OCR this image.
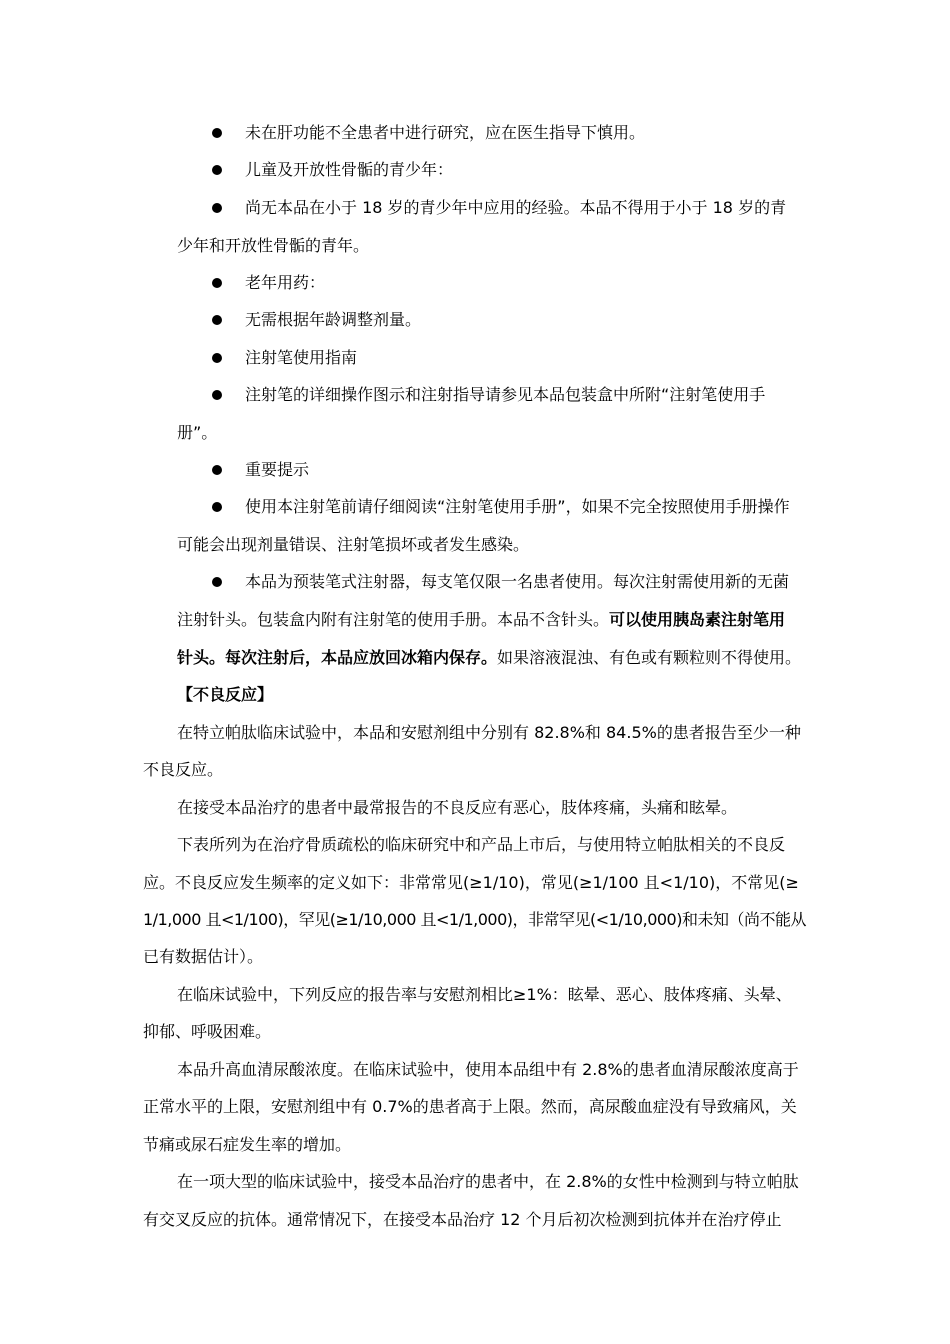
未在肝功能不全患者中进行研究，应在医生指导下慎用。
儿童及开放性骨骺的青少年：
尚无本品在小于 18 岁的青少年中应用的经验。本品不得用于小于 18 岁的青
少年和开放性骨骺的青年。
老年用药：
无需根据年龄调整剂量。
注射笔使用指南
注射笔的详细操作图示和注射指导请参见本品包装盒中所附“注射笔使用手
册”。
重要提示
使用本注射笔前请仔细阅读“注射笔使用手册”，如果不完全按照使用手册操作
可能会出现剂量错误、注射笔损坏或者发生感染。
本品为预装笔式注射器，每支笔仅限一名患者使用。每次注射需使用新的无菌
注射针头。包装盒内附有注射笔的使用手册。本品不含针头。可以使用胰岛素注射笔用
针头。每次注射后，本品应放回冰箱内保存。如果溶液混浊、有色或有颗粒则不得使用。
【不良反应】
在特立帕肽临床试验中，本品和安慰剂组中分别有 82.8%和 84.5%的患者报告至少一种
不良反应。
在接受本品治疗的患者中最常报告的不良反应有恶心，肢体疼痛，头痛和眩晕。
下表所列为在治疗骨质疏松的临床研究中和产品上市后，与使用特立帕肽相关的不良反
应。不良反应发生频率的定义如下：非常常见(≥1/10)，常见(≥1/100 且<1/10)，不常见(≥
1/1,000 且<1/100)，罕见(≥1/10,000 且<1/1,000)，非常罕见(<1/10,000)和未知（尚不能从
已有数据估计）。
在临床试验中，下列反应的报告率与安慰剂相比≥1%：眩晕、恶心、肢体疼痛、头晕、
抑郁、呼吸困难。
本品升高血清尿酸浓度。在临床试验中，使用本品组中有 2.8%的患者血清尿酸浓度高于
正常水平的上限，安慰剂组中有 0.7%的患者高于上限。然而，高尿酸血症没有导致痛风，关
节痛或尿石症发生率的增加。
在一项大型的临床试验中，接受本品治疗的患者中，在 2.8%的女性中检测到与特立帕肽
有交叉反应的抗体。通常情况下，在接受本品治疗 12 个月后初次检测到抗体并在治疗停止
